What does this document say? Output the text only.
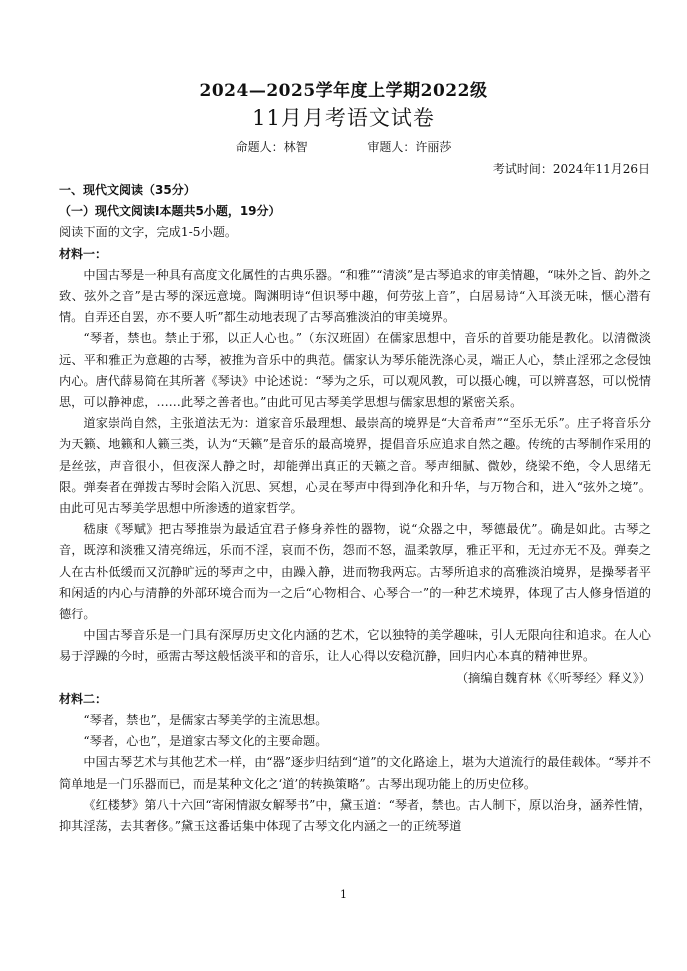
2024—2025学年度上学期2022级
11月月考语文试卷
命题人：林智	审题人：许丽莎
考试时间：2024年11月26日
一、现代文阅读（35分）
（一）现代文阅读Ⅰ本题共5小题，19分）

阅读下面的文字，完成1-5小题。

材料一：

中国古琴是一种具有高度文化属性的古典乐器。“和雅”“清淡”是古琴追求的审美情趣，“味外之旨、韵外之致、弦外之音”是古琴的深远意境。陶渊明诗“但识琴中趣，何劳弦上音”，白居易诗“入耳淡无味，惬心潜有情。自弄还自罢，亦不要人听”都生动地表现了古琴高雅淡泊的审美境界。

“琴者，禁也。禁止于邪，以正人心也。”（东汉班固）在儒家思想中，音乐的首要功能是教化。以清微淡远、平和雅正为意趣的古琴，被推为音乐中的典范。儒家认为琴乐能洗涤心灵，端正人心，禁止淫邪之念侵蚀内心。唐代薛易简在其所著《琴诀》中论述说：“琴为之乐，可以观风教，可以摄心魄，可以辨喜怒，可以悦情思，可以静神虑，……此琴之善者也。”由此可见古琴美学思想与儒家思想的紧密关系。

道家崇尚自然，主张道法无为：道家音乐最理想、最崇高的境界是“大音希声”“至乐无乐”。庄子将音乐分为天籁、地籁和人籁三类，认为“天籁”是音乐的最高境界，提倡音乐应追求自然之趣。传统的古琴制作采用的是丝弦，声音很小，但夜深人静之时，却能弹出真正的天籁之音。琴声细腻、微妙，绕梁不绝，令人思绪无限。弹奏者在弹拨古琴时会陷入沉思、冥想，心灵在琴声中得到净化和升华，与万物合和，进入“弦外之境”。由此可见古琴美学思想中所渗透的道家哲学。

嵇康《琴赋》把古琴推崇为最适宜君子修身养性的器物，说“众器之中，琴德最优”。确是如此。古琴之音，既淳和淡雅又清亮绵远，乐而不淫，哀而不伤，怨而不怒，温柔敦厚，雅正平和，无过亦无不及。弹奏之人在古朴低缓而又沉静旷远的琴声之中，由躁入静，进而物我两忘。古琴所追求的高雅淡泊境界，是操琴者平和闲适的内心与清静的外部环境合而为一之后“心物相合、心琴合一”的一种艺术境界，体现了古人修身悟道的德行。

中国古琴音乐是一门具有深厚历史文化内涵的艺术，它以独特的美学趣味，引人无限向往和追求。在人心易于浮躁的今时，亟需古琴这般恬淡平和的音乐，让人心得以安稳沉静，回归内心本真的精神世界。

（摘编自魏育林《〈听琴经〉释义》）

材料二：

“琴者，禁也”，是儒家古琴美学的主流思想。

“琴者，心也”，是道家古琴文化的主要命题。

中国古琴艺术与其他艺术一样，由“器”逐步归结到“道”的文化路途上，堪为大道流行的最佳载体。“琴并不简单地是一门乐器而已，而是某种文化之‘道’的转换策略”。古琴出现功能上的历史位移。

《红楼梦》第八十六回“寄闲情淑女解琴书”中，黛玉道：“琴者，禁也。古人制下，原以治身，涵养性情，抑其淫荡，去其奢侈。”黛玉这番话集中体现了古琴文化内涵之一的正统琴道

1
